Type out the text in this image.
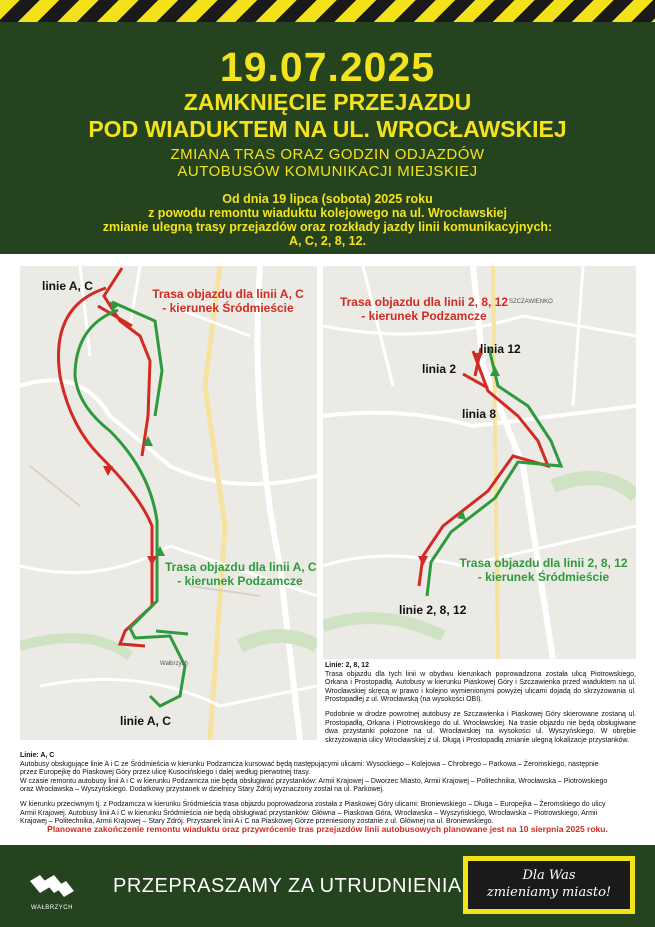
19.07.2025
ZAMKNIĘCIE PRZEJAZDU
POD WIADUKTEM NA UL. WROCŁAWSKIEJ
ZMIANA TRAS ORAZ GODZIN ODJAZDÓW
AUTOBUSÓW KOMUNIKACJI MIEJSKIEJ
Od dnia 19 lipca (sobota) 2025 roku
z powodu remontu wiaduktu kolejowego na ul. Wrocławskiej
zmianie ulegną trasy przejazdów oraz rozkłady jazdy linii komunikacyjnych:
A, C, 2, 8, 12.
linie A, C
Trasa objazdu dla linii A, C
- kierunek Śródmieście
Trasa objazdu dla linii A, C
- kierunek Podzamcze
Wałbrzych
linie A, C
Trasa objazdu dla linii 2, 8, 12
- kierunek Podzamcze
SZCZAWIENKO
linia 12
linia 2
linia 8
Trasa objazdu dla linii 2, 8, 12
- kierunek Śródmieście
linie 2, 8, 12
Linie: 2, 8, 12
Trasa objazdu dla tych linii w obydwu kierunkach poprowadzona została ulicą Piotrowskiego, Orkana i Prostopadłą. Autobusy w kierunku Piaskowej Góry i Szczawienka przed wiaduktem na ul. Wrocławskiej skręcą w prawo i kolejno wymienionymi powyżej ulicami dojadą do skrzyżowania ul. Prostopadłej z ul. Wrocławską (na wysokości OBI).
Podobnie w drodze powrotnej autobusy ze Szczawienka i Piaskowej Góry skierowane zostaną ul. Prostopadłą, Orkana i Piotrowskiego do ul. Wrocławskiej. Na trasie objazdu nie będą obsługiwane dwa przystanki położone na ul. Wrocławskiej na wysokości ul. Wyszyńskiego. W obrębie skrzyżowania ulicy Wrocławskiej z ul. Długą i Prostopadłą zmianie ulegną lokalizacje przystanków.
Linie: A, C
Autobusy obsługujące linie A i C ze Śródmieścia w kierunku Podzamcza kursować będą następującymi ulicami: Wysockiego – Kolejowa – Chrobrego – Parkowa – Żeromskiego, następnie
przez Europejkę do Piaskowej Góry przez ulicę Kusocińskiego i dalej według pierwotnej trasy.
W czasie remontu autobusy linii A i C w kierunku Podzamcza nie będą obsługiwać przystanków: Armii Krajowej – Dworzec Miasto, Armii Krajowej – Politechnika, Wrocławska – Piotrowskiego
oraz Wrocławska – Wyszyńskiego. Dodatkowy przystanek w dzielnicy Stary Zdrój wyznaczony został na ul. Parkowej.
W kierunku przeciwnym tj. z Podzamcza w kierunku Śródmieścia trasa objazdu poprowadzona została z Piaskowej Góry ulicami: Broniewskiego – Długa – Europejka – Żeromskiego do ulicy
Armii Krajowej. Autobusy linii A i C w kierunku Śródmieścia nie będą obsługiwać przystanków: Główna – Piaskowa Góra, Wrocławska – Wyszyńskiego, Wrocławska – Piotrowskiego, Armii
Krajowej – Politechnika, Armii Krajowej – Stary Zdrój. Przystanek linii A i C na Piaskowej Górze przeniesiony zostanie z ul. Głównej na ul. Broniewskiego.
Planowane zakończenie remontu wiaduktu oraz przywrócenie tras przejazdów linii autobusowych planowane jest na 10 sierpnia 2025 roku.
WAŁBRZYCH
PRZEPRASZAMY ZA UTRUDNIENIA	Dla Was
zmieniamy miasto!
